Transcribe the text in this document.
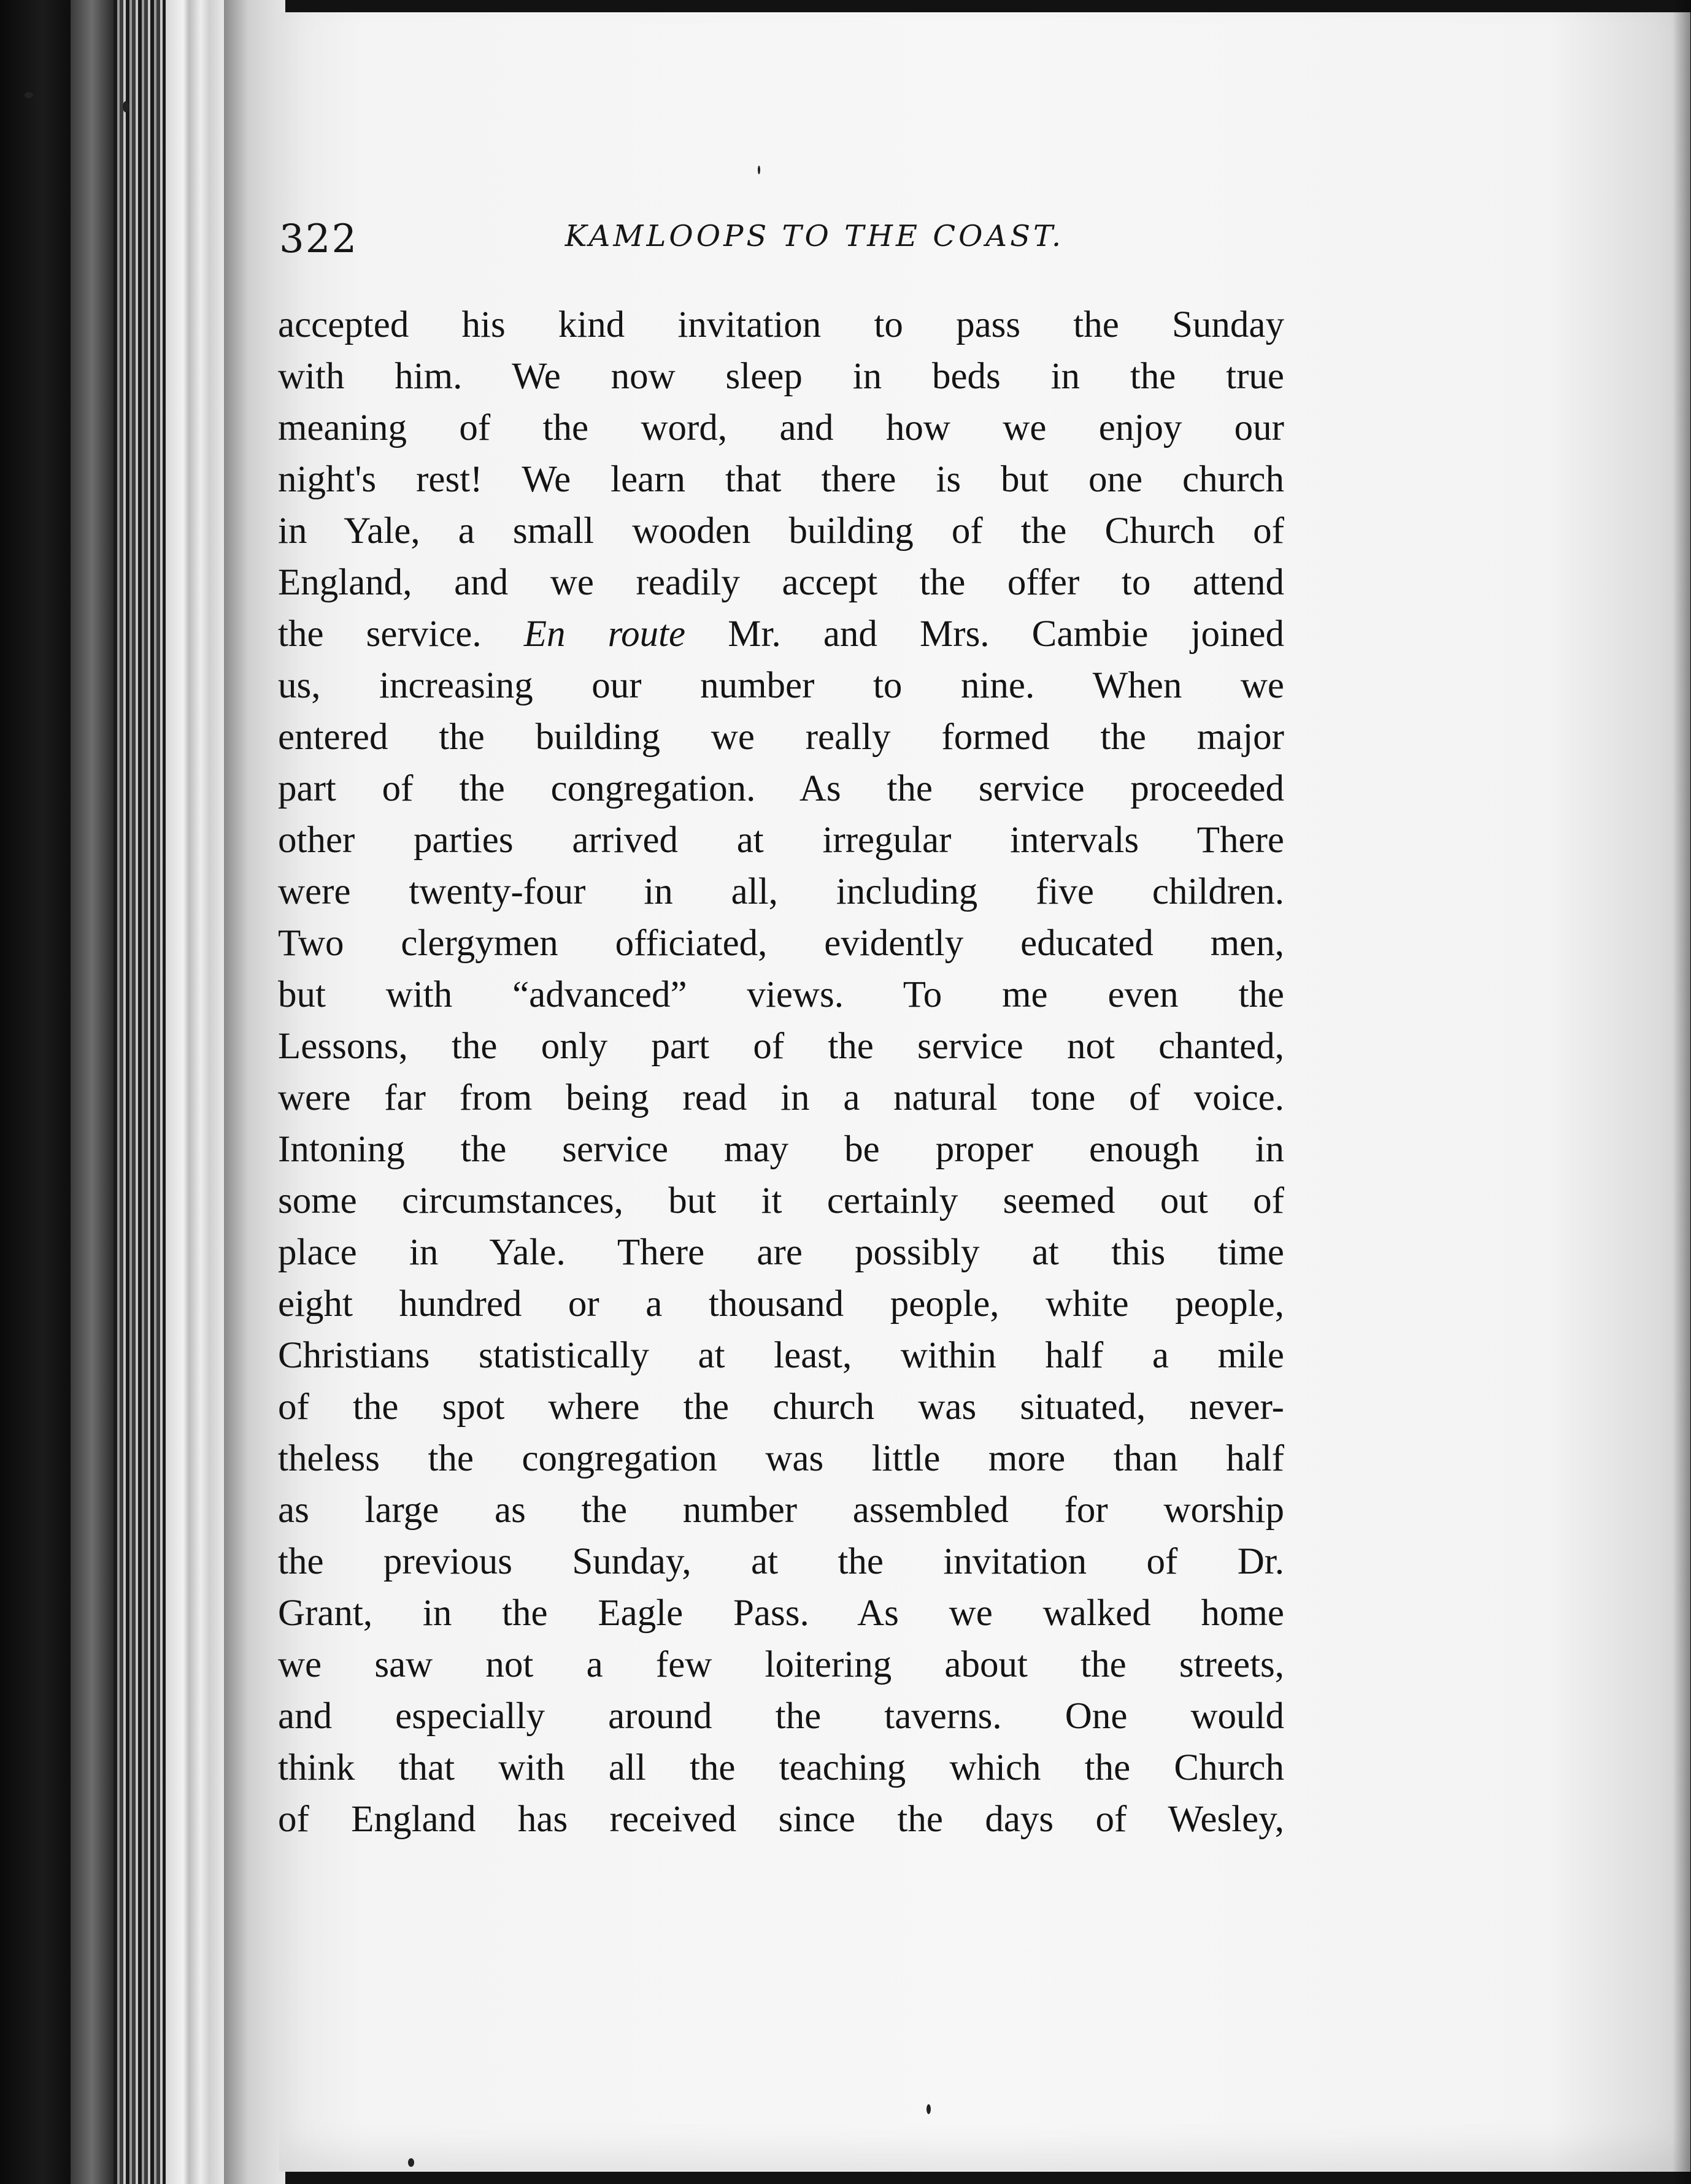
322	KAMLOOPS TO THE COAST.
accepted his kind invitation to pass the Sunday
with him. We now sleep in beds in the true
meaning of the word, and how we enjoy our
night's rest! We learn that there is but one church
in Yale, a small wooden building of the Church of
England, and we readily accept the offer to attend
the service. En route Mr. and Mrs. Cambie joined
us, increasing our number to nine. When we
entered the building we really formed the major
part of the congregation. As the service proceeded
other parties arrived at irregular intervals There
were twenty-four in all, including five children.
Two clergymen officiated, evidently educated men,
but with “advanced” views. To me even the
Lessons, the only part of the service not chanted,
were far from being read in a natural tone of voice.
Intoning the service may be proper enough in
some circumstances, but it certainly seemed out of
place in Yale. There are possibly at this time
eight hundred or a thousand people, white people,
Christians statistically at least, within half a mile
of the spot where the church was situated, never-
theless the congregation was little more than half
as large as the number assembled for worship
the previous Sunday, at the invitation of Dr.
Grant, in the Eagle Pass. As we walked home
we saw not a few loitering about the streets,
and especially around the taverns. One would
think that with all the teaching which the Church
of England has received since the days of Wesley,
